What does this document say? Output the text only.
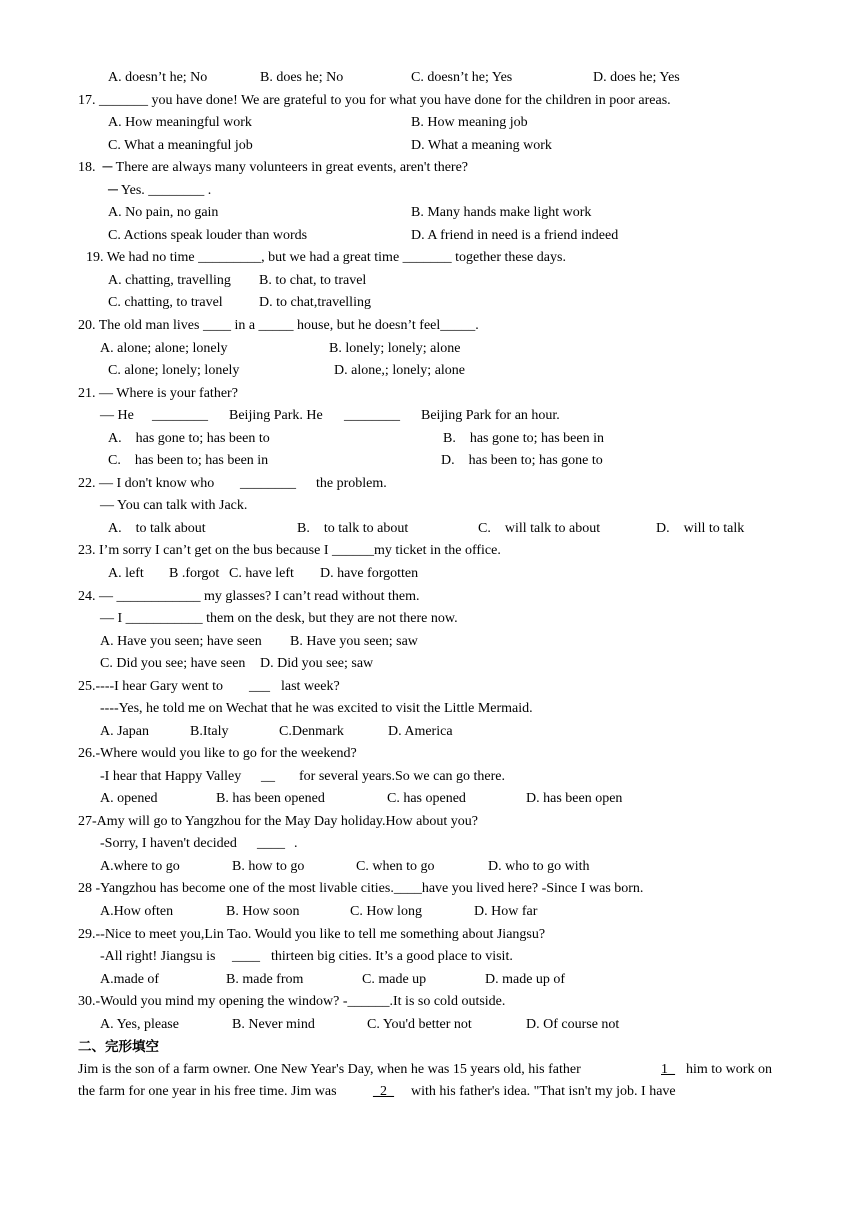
A. doesn’t he; No	B. does he; No	C. doesn’t he; Yes	D. does he; Yes
17. _______ you have done! We are grateful to you for what you have done for the children in poor areas.
A. How meaningful work	B. How meaning job
C. What a meaningful job	D. What a meaning work
18.  ─ There are always many volunteers in great events, aren't there?
─ Yes. ________ .
A. No pain, no gain	B. Many hands make light work
C. Actions speak louder than words	D. A friend in need is a friend indeed
19. We had no time _________, but we had a great time _______ together these days.
A. chatting, travelling B. to chat, to travel
C. chatting, to travel	D. to chat,travelling
20. The old man lives ____ in a _____ house, but he doesn’t feel_____.
A. alone; alone; lonely	B. lonely; lonely; alone
C. alone; lonely; lonely	D. alone,; lonely; alone
21. — Where is your father?
— He ________ Beijing Park. He ________ Beijing Park for an hour.
A.    has gone to; has been to	B.    has gone to; has been in
C.    has been to; has been in	D.    has been to; has gone to
22. — I don't know who ________ the problem.
— You can talk with Jack.
A.    to talk about	B.    to talk to about	C.    will talk to about	D.    will to talk
23. I’m sorry I can’t get on the bus because I ______my ticket in the office.
A. left B .forgot C. have left D. have forgotten
24. — ____________ my glasses? I can’t read without them.
— I ___________ them on the desk, but they are not there now.
A. Have you seen; have seen B. Have you seen; saw
C. Did you see; have seen D. Did you see; saw
25.----I hear Gary went to ___ last week?
----Yes, he told me on Wechat that he was excited to visit the Little Mermaid.
A. Japan	B.Italy	C.Denmark	D. America
26.-Where would you like to go for the weekend?
-I hear that Happy Valley __ for several years.So we can go there.
A. opened	B. has been opened	C. has opened	D. has been open
27-Amy will go to Yangzhou for the May Day holiday.How about you?
-Sorry, I haven't decided ____ .
A.where to go	B. how to go	C. when to go	D. who to go with
28 -Yangzhou has become one of the most livable cities.____have you lived here? -Since I was born.
A.How often	B. How soon	C. How long	D. How far
29.--Nice to meet you,Lin Tao. Would you like to tell me something about Jiangsu?
-All right! Jiangsu is ____ thirteen big cities. It’s a good place to visit.
A.made of	B. made from	C. made up	D. made up of
30.-Would you mind my opening the window? -______.It is so cold outside.
A. Yes, please	B. Never mind	C. You'd better not	D. Of course not
二、完形填空
Jim is the son of a farm owner. One New Year's Day, when he was 15 years old, his father	1_ him to work on
the farm for one year in his free time. Jim was	_2_ with his father's idea. "That isn't my job. I have
